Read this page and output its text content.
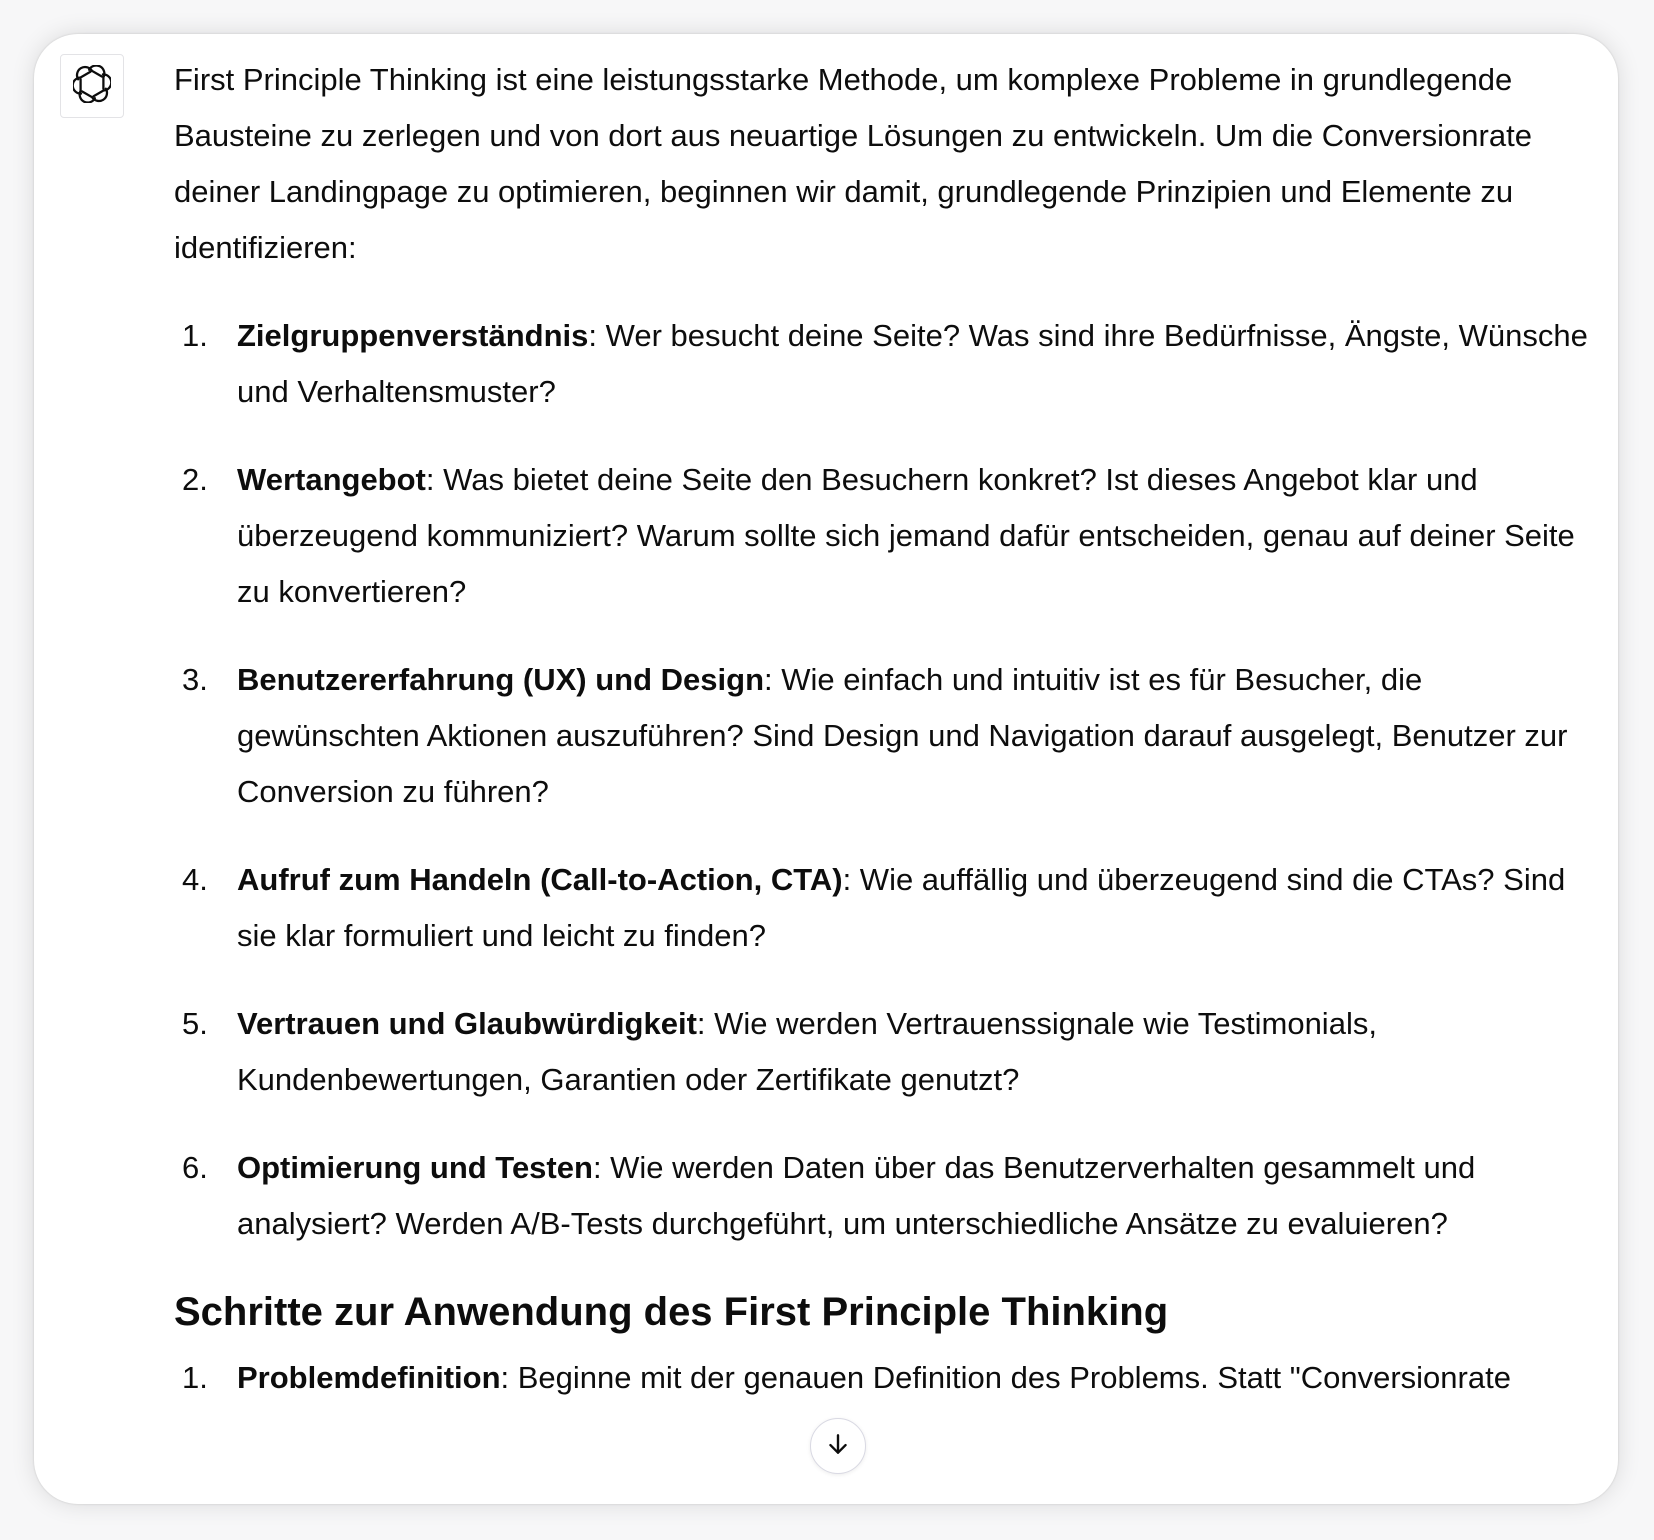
First Principle Thinking ist eine leistungsstarke Methode, um komplexe Probleme in grundlegende Bausteine zu zerlegen und von dort aus neuartige Lösungen zu entwickeln. Um die Conversionrate deiner Landingpage zu optimieren, beginnen wir damit, grundlegende Prinzipien und Elemente zu identifizieren:

1. Zielgruppenverständnis: Wer besucht deine Seite? Was sind ihre Bedürfnisse, Ängste, Wünsche und Verhaltensmuster?
2. Wertangebot: Was bietet deine Seite den Besuchern konkret? Ist dieses Angebot klar und überzeugend kommuniziert? Warum sollte sich jemand dafür entscheiden, genau auf deiner Seite zu konvertieren?
3. Benutzererfahrung (UX) und Design: Wie einfach und intuitiv ist es für Besucher, die gewünschten Aktionen auszuführen? Sind Design und Navigation darauf ausgelegt, Benutzer zur Conversion zu führen?
4. Aufruf zum Handeln (Call-to-Action, CTA): Wie auffällig und überzeugend sind die CTAs? Sind sie klar formuliert und leicht zu finden?
5. Vertrauen und Glaubwürdigkeit: Wie werden Vertrauenssignale wie Testimonials, Kundenbewertungen, Garantien oder Zertifikate genutzt?
6. Optimierung und Testen: Wie werden Daten über das Benutzerverhalten gesammelt und analysiert? Werden A/B-Tests durchgeführt, um unterschiedliche Ansätze zu evaluieren?
Schritte zur Anwendung des First Principle Thinking
1. Problemdefinition: Beginne mit der genauen Definition des Problems. Statt "Conversionrate
